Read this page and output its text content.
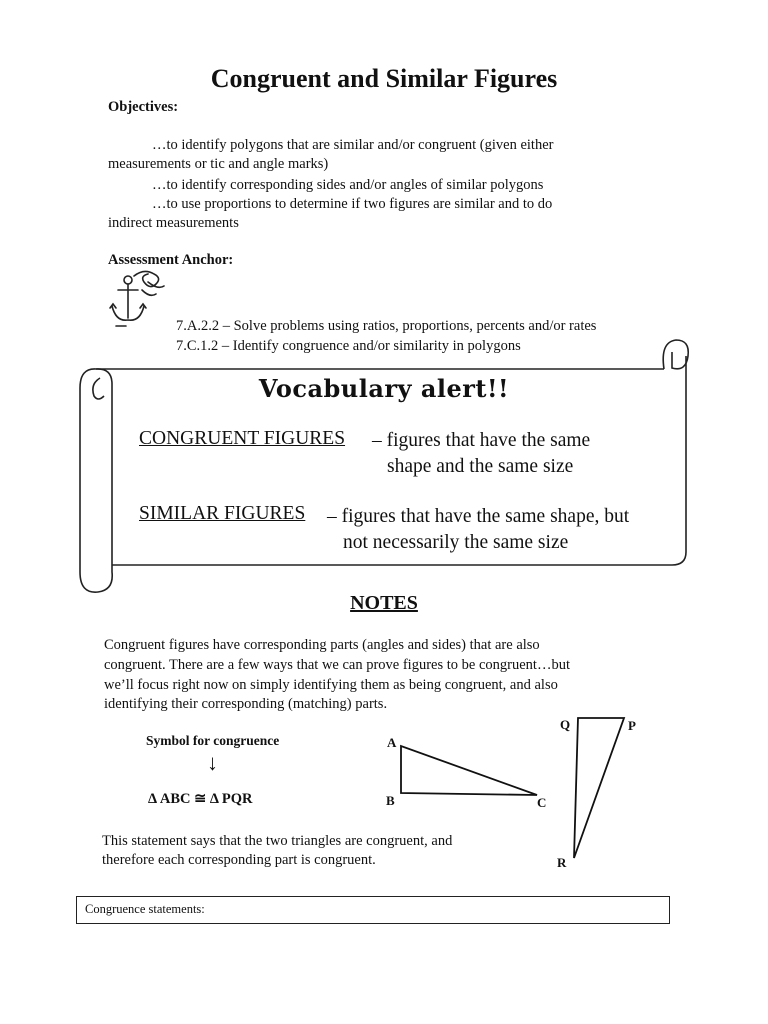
Congruent and Similar Figures
Objectives:
…to identify polygons that are similar and/or congruent (given either
measurements or tic and angle marks)
…to identify corresponding sides and/or angles of similar polygons
…to use proportions to determine if two figures are similar and to do
indirect measurements
Assessment Anchor:
7.A.2.2 – Solve problems using ratios, proportions, percents and/or rates
7.C.1.2 – Identify congruence and/or similarity in polygons
Vocabulary alert!!
CONGRUENT FIGURES – figures that have the same
shape and the same size
SIMILAR FIGURES – figures that have the same shape, but
not necessarily the same size
NOTES
Congruent figures have corresponding parts (angles and sides) that are also
congruent. There are a few ways that we can prove figures to be congruent…but
we’ll focus right now on simply identifying them as being congruent, and also
identifying their corresponding (matching) parts.
Symbol for congruence
↓
Δ ABC ≅ Δ PQR
A
B	C
Q	P
R
This statement says that the two triangles are congruent, and
therefore each corresponding part is congruent.
Congruence statements:
